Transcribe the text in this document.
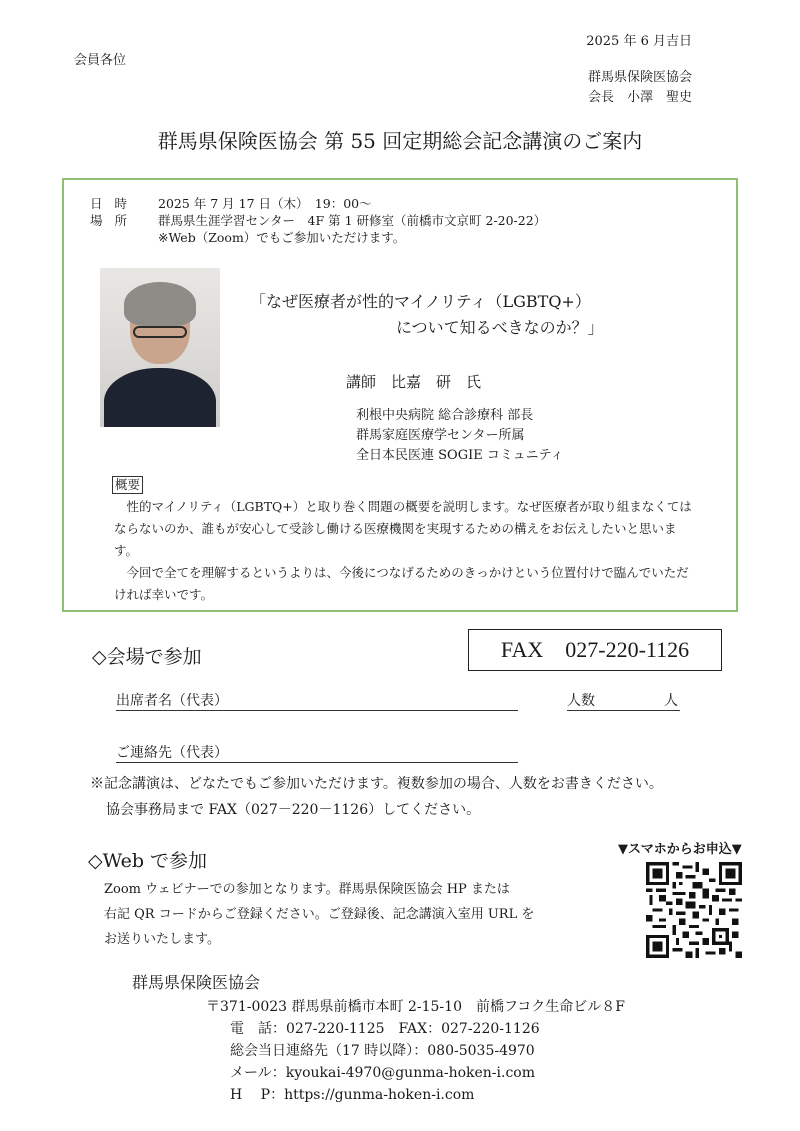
2025 年 6 月吉日
会員各位
群馬県保険医協会
会長　小澤　聖史
群馬県保険医協会 第 55 回定期総会記念講演のご案内
日時 2025 年 7 月 17 日（木）　19：00～
場所 群馬県生涯学習センター　4F 第 1 研修室（前橋市文京町 2-20-22）
※Web（Zoom）でもご参加いただけます。
「なぜ医療者が性的マイノリティ（LGBTQ+）
について知るべきなのか？」
講師　比嘉　研　氏
利根中央病院 総合診療科 部長
群馬家庭医療学センター所属
全日本民医連 SOGIE コミュニティ
概要

性的マイノリティ（LGBTQ+）と取り巻く問題の概要を説明します。なぜ医療者が取り組まなくてはならないのか、誰もが安心して受診し働ける医療機関を実現するための構えをお伝えしたいと思います。

今回で全てを理解するというよりは、今後につなげるためのきっかけという位置付けで臨んでいただければ幸いです。

◇会場で参加	FAX　027-220-1126
出席者名（代表）	人数	人
ご連絡先（代表）
※記念講演は、どなたでもご参加いただけます。複数参加の場合、人数をお書きください。
協会事務局まで FAX（027－220－1126）してください。
◇Web で参加
▼スマホからお申込▼
Zoom ウェビナーでの参加となります。群馬県保険医協会 HP または
右記 QR コードからご登録ください。ご登録後、記念講演入室用 URL を
お送りいたします。
群馬県保険医協会
〒371-0023 群馬県前橋市本町 2-15-10　前橋フコク生命ビル８F
電　話：027-220-1125　FAX：027-220-1126
総会当日連絡先（17 時以降）：080-5035-4970
メール：kyoukai-4970@gunma-hoken-i.com
H　 P：https://gunma-hoken-i.com
